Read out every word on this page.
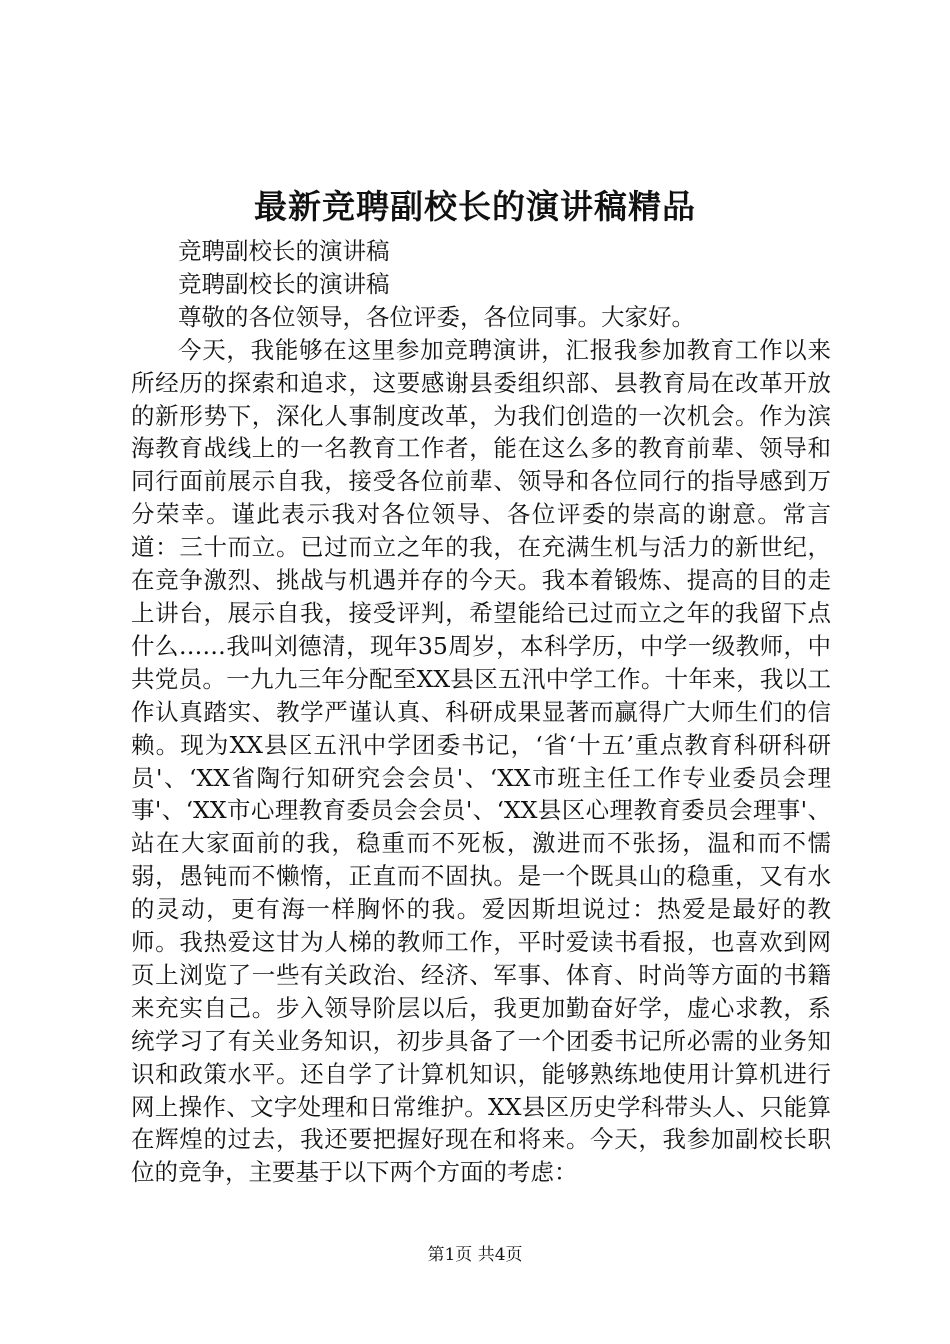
最新竞聘副校长的演讲稿精品

竞聘副校长的演讲稿

竞聘副校长的演讲稿

尊敬的各位领导，各位评委，各位同事。大家好。

今天，我能够在这里参加竞聘演讲，汇报我参加教育工作以来所经历的探索和追求，这要感谢县委组织部、县教育局在改革开放的新形势下，深化人事制度改革，为我们创造的一次机会。作为滨海教育战线上的一名教育工作者，能在这么多的教育前辈、领导和同行面前展示自我，接受各位前辈、领导和各位同行的指导感到万分荣幸。谨此表示我对各位领导、各位评委的崇高的谢意。常言道：三十而立。已过而立之年的我，在充满生机与活力的新世纪，在竞争激烈、挑战与机遇并存的今天。我本着锻炼、提高的目的走上讲台，展示自我，接受评判，希望能给已过而立之年的我留下点什么……我叫刘德清，现年35周岁，本科学历，中学一级教师，中共党员。一九九三年分配至XX县区五汛中学工作。十年来，我以工作认真踏实、教学严谨认真、科研成果显著而赢得广大师生们的信赖。现为XX县区五汛中学团委书记，‘省‘十五’重点教育科研科研员'、‘XX省陶行知研究会会员'、‘XX市班主任工作专业委员会理事'、‘XX市心理教育委员会会员'、‘XX县区心理教育委员会理事'、站在大家面前的我，稳重而不死板，激进而不张扬，温和而不懦弱，愚钝而不懒惰，正直而不固执。是一个既具山的稳重，又有水的灵动，更有海一样胸怀的我。爱因斯坦说过：热爱是最好的教师。我热爱这甘为人梯的教师工作，平时爱读书看报，也喜欢到网页上浏览了一些有关政治、经济、军事、体育、时尚等方面的书籍来充实自己。步入领导阶层以后，我更加勤奋好学，虚心求教，系统学习了有关业务知识，初步具备了一个团委书记所必需的业务知识和政策水平。还自学了计算机知识，能够熟练地使用计算机进行网上操作、文字处理和日常维护。XX县区历史学科带头人、只能算在辉煌的过去，我还要把握好现在和将来。今天，我参加副校长职位的竞争，主要基于以下两个方面的考虑：

第1页 共4页
